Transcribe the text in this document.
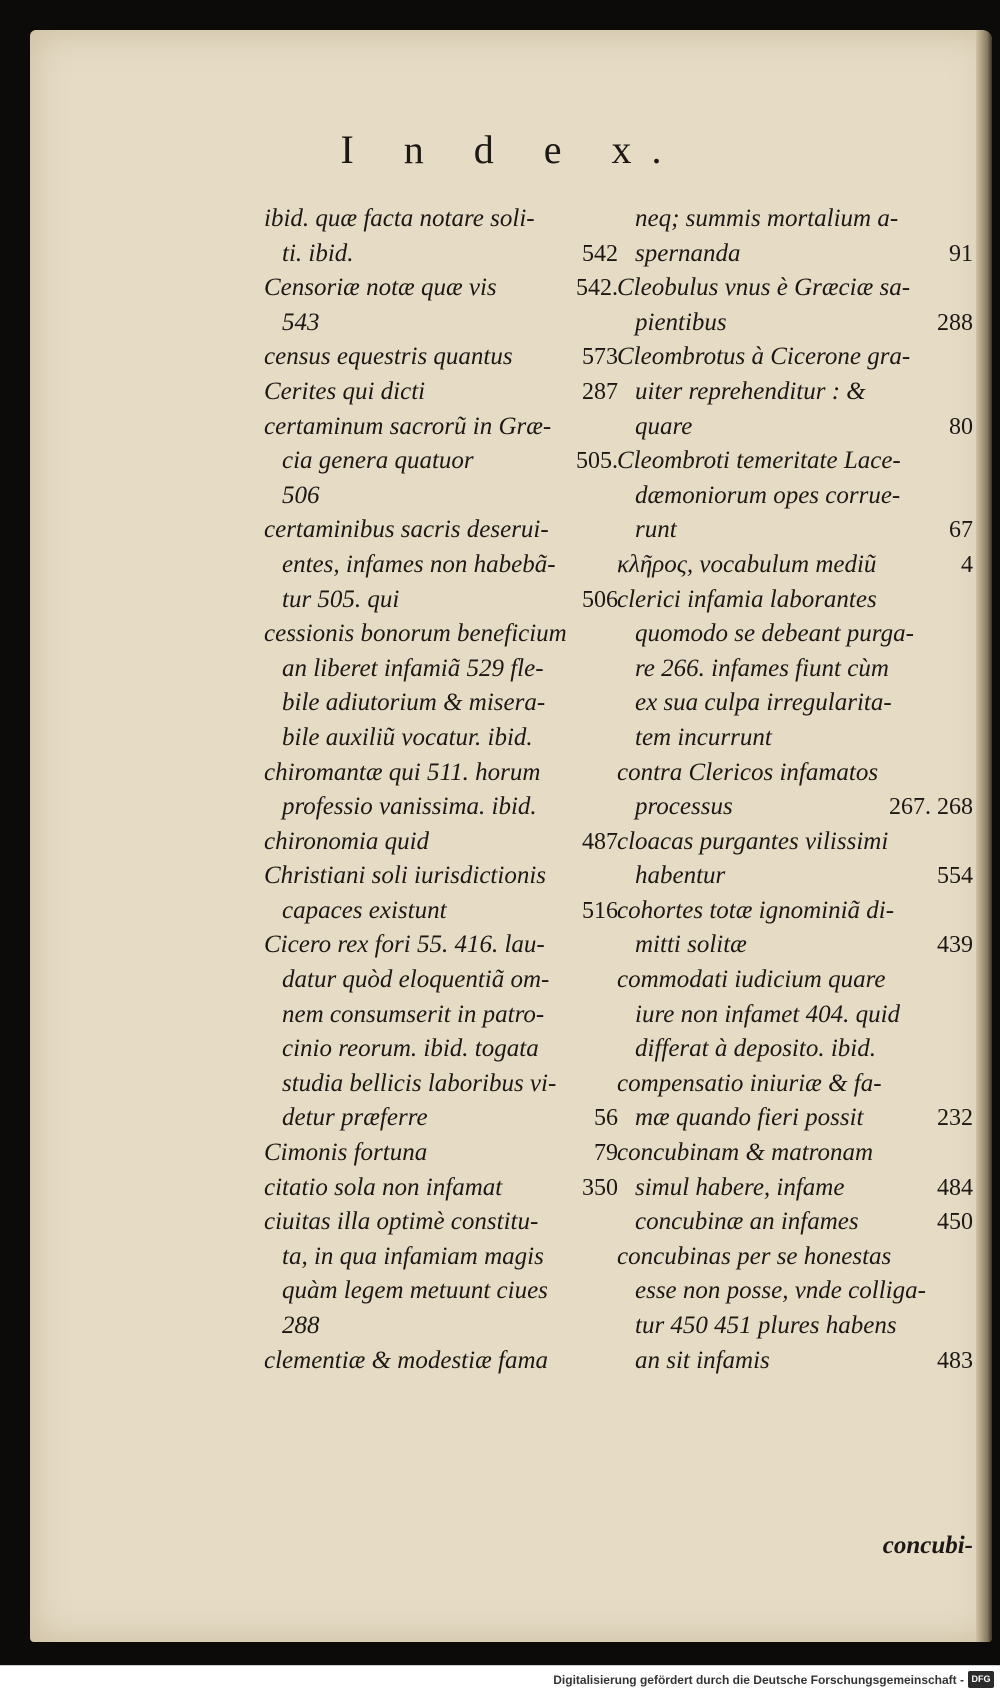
I n d e x.
ibid. quæ facta notare soli-
ti. ibid.	542
Censoriæ notæ quæ vis	542.
543
census equestris quantus	573
Cerites qui dicti	287
certaminum sacrorũ in Græ-
cia genera quatuor	505.
506
certaminibus sacris deserui-
entes, infames non habebã-
tur 505. qui	506
cessionis bonorum beneficium
an liberet infamiã 529 fle-
bile adiutorium & misera-
bile auxiliũ vocatur. ibid.
chiromantæ qui 511. horum
professio vanissima. ibid.
chironomia quid	487
Christiani soli iurisdictionis
capaces existunt	516
Cicero rex fori 55. 416. lau-
datur quòd eloquentiã om-
nem consumserit in patro-
cinio reorum. ibid. togata
studia bellicis laboribus vi-
detur præferre	56
Cimonis fortuna	79
citatio sola non infamat	350
ciuitas illa optimè constitu-
ta, in qua infamiam magis
quàm legem metuunt ciues
288
clementiæ & modestiæ fama
neq; summis mortalium a-
spernanda	91
Cleobulus vnus è Græciæ sa-
pientibus	288
Cleombrotus à Cicerone gra-
uiter reprehenditur : &
quare	80
Cleombroti temeritate Lace-
dæmoniorum opes corrue-
runt	67
κλῆρος, vocabulum mediũ	4
clerici infamia laborantes
quomodo se debeant purga-
re 266. infames fiunt cùm
ex sua culpa irregularita-
tem incurrunt
contra Clericos infamatos
processus	267. 268
cloacas purgantes vilissimi
habentur	554
cohortes totæ ignominiã di-
mitti solitæ	439
commodati iudicium quare
iure non infamet 404. quid
differat à deposito. ibid.
compensatio iniuriæ & fa-
mæ quando fieri possit	232
concubinam & matronam
simul habere, infame	484
concubinæ an infames	450
concubinas per se honestas
esse non posse, vnde colliga-
tur 450 451 plures habens
an sit infamis	483
concubi-
Digitalisierung gefördert durch die Deutsche Forschungsgemeinschaft - DFG
